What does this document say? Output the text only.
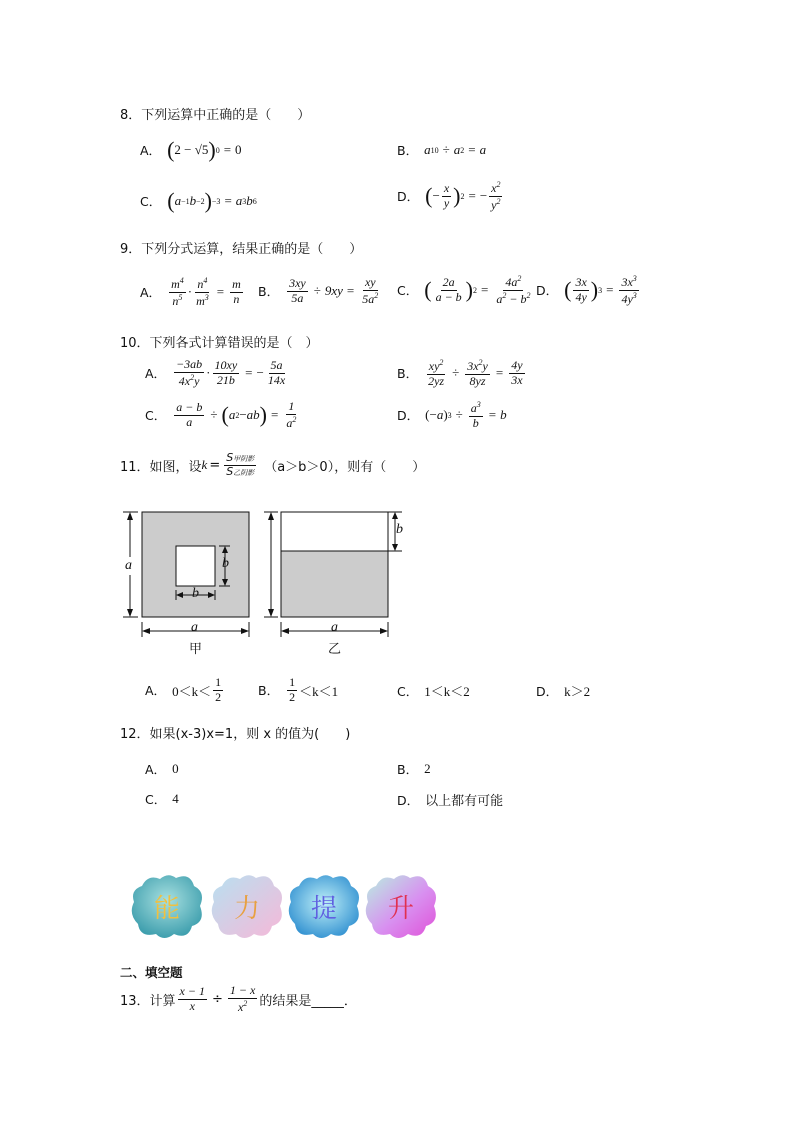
8．下列运算中正确的是（　　）
A． ( 2 − √5 ) 0 = 0	B． a 10 ÷ a 2 = a
C． ( a −1 b −2 ) −3 = a 3 b 6	D． ( − $\frac{x}{y}$ ) 2 = − $\frac{x^2}{y^2}$
9．下列分式运算，结果正确的是（　　）
A． $\frac{m^4}{n^5} \cdot \frac{n^4}{m^3} = \frac{m}{n}$ B． $\frac{3xy}{5a} \div 9xy = \frac{xy}{5a^2}$ C． ( $\frac{2a}{a - b}$ ) $2 = \frac{4a^2}{a^2 - b^2}$ D． ( $\frac{3x}{4y}$ ) $3 = \frac{3x^3}{4y^3}$
10．下列各式计算错误的是（　）
A． $\frac{-3ab}{4x^2y} \cdot \frac{10xy}{21b}$ = − $\frac{5a}{14x}$	B． $\frac{xy^2}{2yz} \div \frac{3x^2y}{8yz} = \frac{4y}{3x}$
C． $\frac{a - b}{a}$ ÷ ( a 2 − ab ) = $\frac{1}{a^2}$	D． (− a ) $3 \div \frac{a^3}{b} = b$
11．如图，设 $k = \frac{\text{S甲阴影}}{\text{S乙阴影}} (a>b>0)$，则有（　　）
a	b
b
a
甲
b
a
乙
A． $0<k< \frac{1}{2}$	B． $\frac{1}{2} <k<1$	C． 1＜k＜2	D． k＞2
12．如果(x-3)x=1，则 x 的值为(　　)
A． 0	B． 2
C． 4	D． 以上都有可能
能	力	提	升
二、填空题
13．计算 $\frac{x - 1}{x} \div \frac{1 - x}{x^2}$ 的结果是_____．
